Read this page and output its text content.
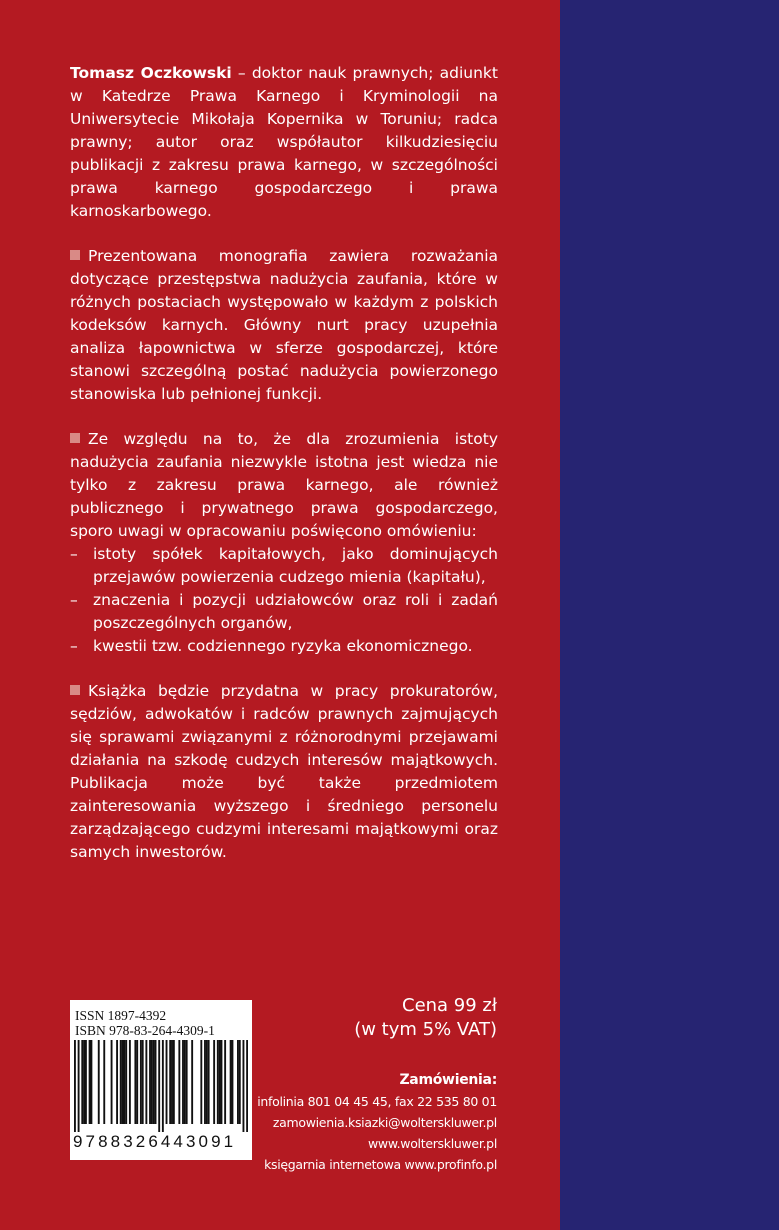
Tomasz Oczkowski – doktor nauk prawnych; adiunkt w Katedrze Prawa Karnego i Kryminologii na Uniwersytecie Mikołaja Kopernika w Toruniu; radca prawny; autor oraz współautor kilkudziesięciu publikacji z zakresu prawa karnego, w szczególności prawa karnego gospodarczego i prawa karnoskarbowego.

Prezentowana monografia zawiera rozważania dotyczące przestępstwa nadużycia zaufania, które w różnych postaciach występowało w każdym z polskich kodeksów karnych. Główny nurt pracy uzupełnia analiza łapownictwa w sferze gospodarczej, które stanowi szczególną postać nadużycia powierzonego stanowiska lub pełnionej funkcji.

Ze względu na to, że dla zrozumienia istoty nadużycia zaufania niezwykle istotna jest wiedza nie tylko z zakresu prawa karnego, ale również publicznego i prywatnego prawa gospodarczego, sporo uwagi w opracowaniu poświęcono omówieniu:

– istoty spółek kapitałowych, jako dominujących przejawów powierzenia cudzego mienia (kapitału),
– znaczenia i pozycji udziałowców oraz roli i zadań poszczególnych organów,
– kwestii tzw. codziennego ryzyka ekonomicznego.

Książka będzie przydatna w pracy prokuratorów, sędziów, adwokatów i radców prawnych zajmujących się sprawami związanymi z różnorodnymi przejawami działania na szkodę cudzych interesów majątkowych. Publikacja może być także przedmiotem zainteresowania wyższego i średniego personelu zarządzającego cudzymi interesami majątkowymi oraz samych inwestorów.

ISSN 1897-4392
ISBN 978-83-264-4309-1
9788326443091
Cena 99 zł
(w tym 5% VAT)
Zamówienia:
infolinia 801 04 45 45, fax 22 535 80 01
zamowienia.ksiazki@wolterskluwer.pl
www.wolterskluwer.pl
księgarnia internetowa www.profinfo.pl
